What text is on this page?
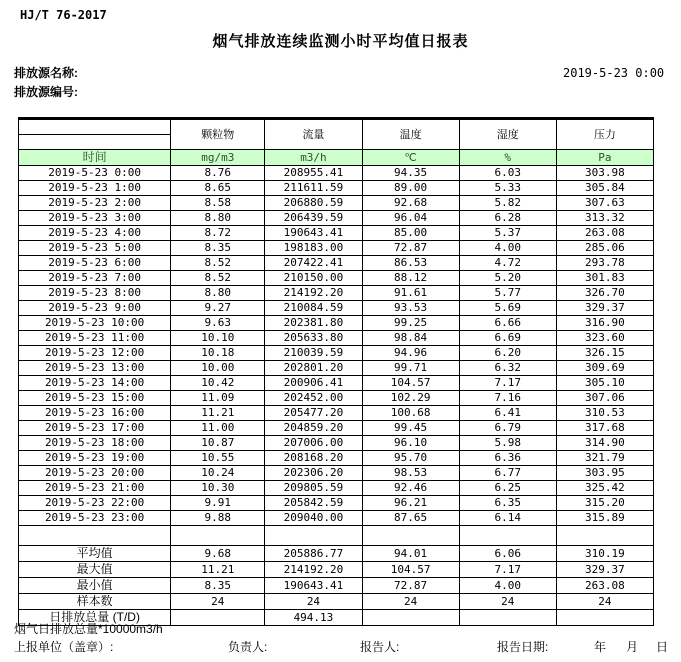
HJ/T 76-2017
烟气排放连续监测小时平均值日报表
排放源名称:	2019-5-23 0:00
排放源编号:
	颗粒物	流量	温度	湿度	压力

时间	mg/m3	m3/h	℃	%	Pa
2019-5-23 0:00	8.76	208955.41	94.35	6.03	303.98
2019-5-23 1:00	8.65	211611.59	89.00	5.33	305.84
2019-5-23 2:00	8.58	206880.59	92.68	5.82	307.63
2019-5-23 3:00	8.80	206439.59	96.04	6.28	313.32
2019-5-23 4:00	8.72	190643.41	85.00	5.37	263.08
2019-5-23 5:00	8.35	198183.00	72.87	4.00	285.06
2019-5-23 6:00	8.52	207422.41	86.53	4.72	293.78
2019-5-23 7:00	8.52	210150.00	88.12	5.20	301.83
2019-5-23 8:00	8.80	214192.20	91.61	5.77	326.70
2019-5-23 9:00	9.27	210084.59	93.53	5.69	329.37
2019-5-23 10:00	9.63	202381.80	99.25	6.66	316.90
2019-5-23 11:00	10.10	205633.80	98.84	6.69	323.60
2019-5-23 12:00	10.18	210039.59	94.96	6.20	326.15
2019-5-23 13:00	10.00	202801.20	99.71	6.32	309.69
2019-5-23 14:00	10.42	200906.41	104.57	7.17	305.10
2019-5-23 15:00	11.09	202452.00	102.29	7.16	307.06
2019-5-23 16:00	11.21	205477.20	100.68	6.41	310.53
2019-5-23 17:00	11.00	204859.20	99.45	6.79	317.68
2019-5-23 18:00	10.87	207006.00	96.10	5.98	314.90
2019-5-23 19:00	10.55	208168.20	95.70	6.36	321.79
2019-5-23 20:00	10.24	202306.20	98.53	6.77	303.95
2019-5-23 21:00	10.30	209805.59	92.46	6.25	325.42
2019-5-23 22:00	9.91	205842.59	96.21	6.35	315.20
2019-5-23 23:00	9.88	209040.00	87.65	6.14	315.89

平均值	9.68	205886.77	94.01	6.06	310.19
最大值	11.21	214192.20	104.57	7.17	329.37
最小值	8.35	190643.41	72.87	4.00	263.08
样本数	24	24	24	24	24
日排放总量 (T/D)		494.13			
烟气日排放总量*10000m3/h
上报单位（盖章）:	负责人:	报告人:	报告日期:	年 月 日
